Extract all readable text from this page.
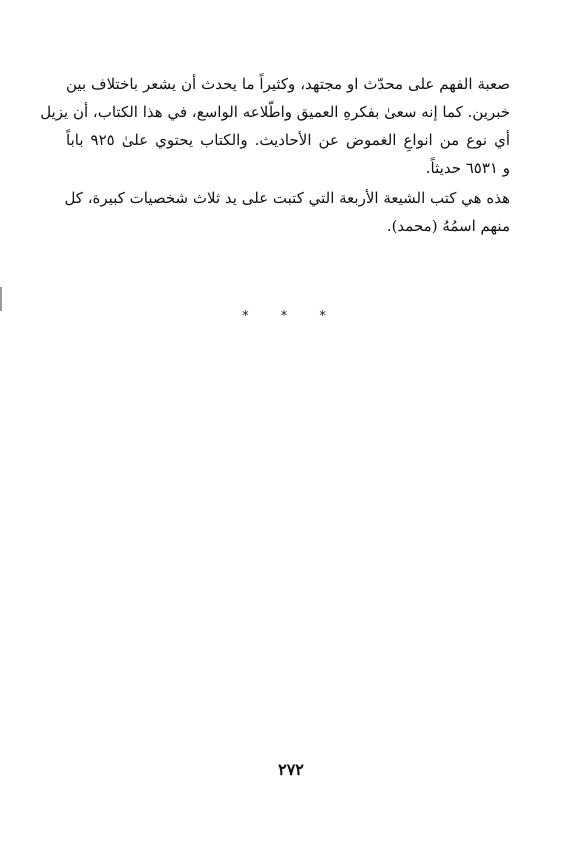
صعبة الفهم على محدّث او مجتهد، وكثيراً ما يحدث أن يشعر باختلاف بين
خبرين. كما إنه سعىٰ بفكرهِ العميق واطّلاعه الواسع، في هذا الكتاب، أن يزيل
أي نوع من انواعِ الغموض عن الأحاديث. والكتاب يحتوي علىٰ ٩٢٥ باباً
و ٦٥٣١ حديثاً.
هذه هي كتب الشيعة الأربعة التي كتبت على يد ثلاث شخصيات كبيرة، كل
منهم اسمُهُ (محمد).
* * *
٢٧٢
